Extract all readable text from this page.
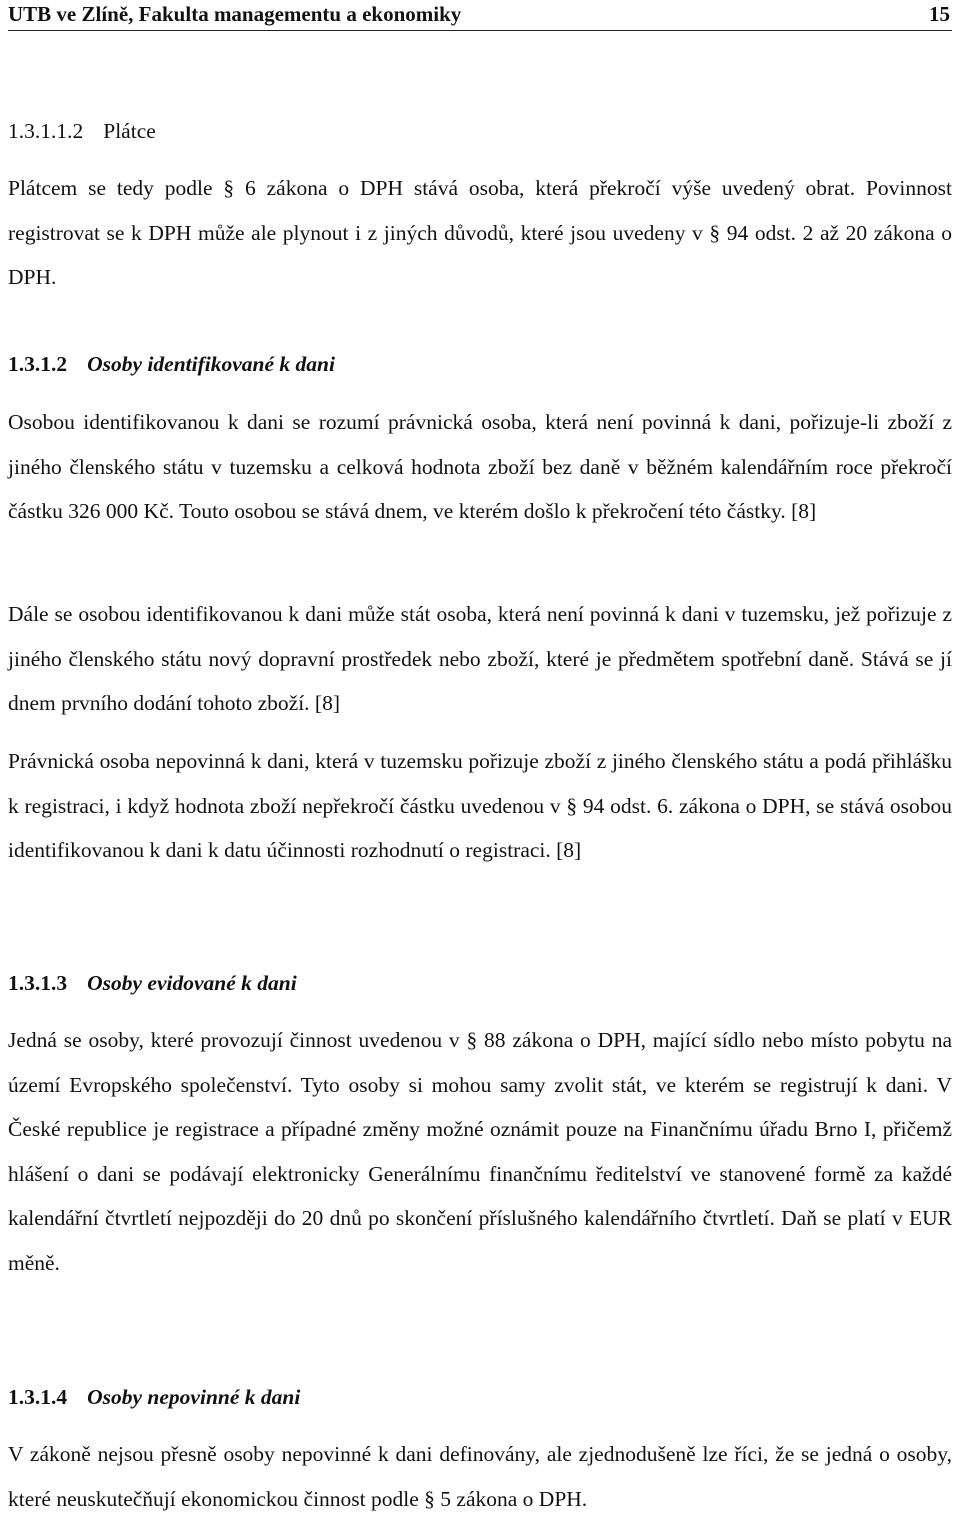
UTB ve Zlíně, Fakulta managementu a ekonomiky	15
1.3.1.1.2 Plátce

Plátcem se tedy podle § 6 zákona o DPH stává osoba, která překročí výše uvedený obrat. Povinnost registrovat se k DPH může ale plynout i z jiných důvodů, které jsou uvedeny v § 94 odst. 2 až 20 zákona o DPH.

1.3.1.2 Osoby identifikované k dani

Osobou identifikovanou k dani se rozumí právnická osoba, která není povinná k dani, pořizuje-li zboží z jiného členského státu v tuzemsku a celková hodnota zboží bez daně v běžném kalendářním roce překročí částku 326 000 Kč. Touto osobou se stává dnem, ve kterém došlo k překročení této částky. [8]

Dále se osobou identifikovanou k dani může stát osoba, která není povinná k dani v tuzemsku, jež pořizuje z jiného členského státu nový dopravní prostředek nebo zboží, které je předmětem spotřební daně. Stává se jí dnem prvního dodání tohoto zboží. [8]

Právnická osoba nepovinná k dani, která v tuzemsku pořizuje zboží z jiného členského státu a podá přihlášku k registraci, i když hodnota zboží nepřekročí částku uvedenou v § 94 odst. 6. zákona o DPH, se stává osobou identifikovanou k dani k datu účinnosti rozhodnutí o registraci. [8]

1.3.1.3 Osoby evidované k dani

Jedná se osoby, které provozují činnost uvedenou v § 88 zákona o DPH, mající sídlo nebo místo pobytu na území Evropského společenství. Tyto osoby si mohou samy zvolit stát, ve kterém se registrují k dani. V České republice je registrace a případné změny možné oznámit pouze na Finančnímu úřadu Brno I, přičemž hlášení o dani se podávají elektronicky Generálnímu finančnímu ředitelství ve stanovené formě za každé kalendářní čtvrtletí nejpozději do 20 dnů po skončení příslušného kalendářního čtvrtletí. Daň se platí v EUR měně.

1.3.1.4 Osoby nepovinné k dani

V zákoně nejsou přesně osoby nepovinné k dani definovány, ale zjednodušeně lze říci, že se jedná o osoby, které neuskutečňují ekonomickou činnost podle § 5 zákona o DPH.
